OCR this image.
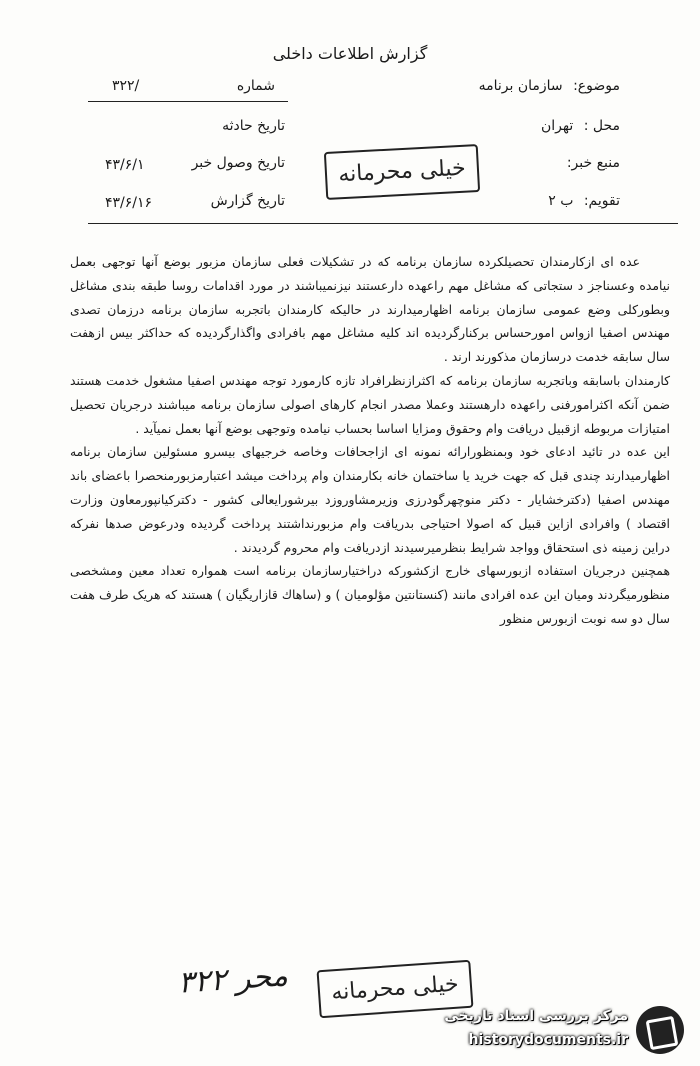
گزارش اطلاعات داخلی
موضوع: سازمان برنامه
محل : تهران
منبع خبر:
تقویم: ب ۲
شماره
۳۲۲/
تاریخ حادثه
تاریخ وصول خبر
۴۳/۶/۱
تاریخ گزارش
۴۳/۶/۱۶
خیلی محرمانه

عده ای ازکارمندان تحصیلکرده سازمان برنامه که در تشکیلات فعلی سازمان مزبور بوضع آنها توجهی بعمل نیامده وعسناجز د ستجاتی که مشاغل مهم راعهده دارعستند نیزنمیباشند در مورد اقدامات روسا طبقه بندی مشاغل وبطورکلی وضع عمومی سازمان برنامه اظهارمیدارند در حالیکه کارمندان باتجربه سازمان برنامه درزمان تصدی مهندس اصفیا ازواس امورحساس برکنارگردیده اند کلیه مشاغل مهم بافرادی واگذارگردیده که حداکثر بیس ازهفت سال سابقه خدمت درسازمان مذکورند ارند .

کارمندان باسابقه وباتجربه سازمان برنامه که اکثرازنظرافراد تازه کارمورد توجه مهندس اصفیا مشغول خدمت هستند ضمن آنکه اکثرامورفنی راعهده دارهستند وعملا مصدر انجام کارهای اصولی سازمان برنامه میباشند درجریان تحصیل امتیازات مربوطه ازقبیل دریافت وام وحقوق ومزایا اساسا بحساب نیامده وتوجهی بوضع آنها بعمل نمیآید .

این عده در تائید ادعای خود وبمنظورارائه نمونه ای ازاجحافات وخاصه خرجیهای بیسرو مسئولین سازمان برنامه اظهارمیدارند چندی قبل که جهت خرید یا ساختمان خانه بکارمندان وام پرداخت میشد اعتبارمزبورمنحصرا باعضای باند مهندس اصفیا (دکترخشایار - دکتر منوچهرگودرزی وزیرمشاوروزد بیرشورایعالی کشور - دکترکیانپورمعاون وزارت اقتصاد ) وافرادی ازاین قبیل که اصولا احتیاجی بدریافت وام مزبورنداشتند پرداخت گردیده ودرعوض صدها نفرکه دراین زمینه ذی استحقاق وواجد شرایط بنظرمیرسیدند ازدریافت وام محروم گردیدند .

همچنین درجریان استفاده ازبورسهای خارج ازکشورکه دراختیارسازمان برنامه است همواره تعداد معین ومشخصی منظورمیگردند ومیان این عده افرادی مانند (کنستانتین مؤلومیان ) و (ساهاك قازاریگیان ) هستند که هریک طرف هفت سال دو سه نوبت ازبورس منظور

خیلی محرمانه
محر ۳۲۲
مرکز بررسی اسناد تاریخی
historydocuments.ir
